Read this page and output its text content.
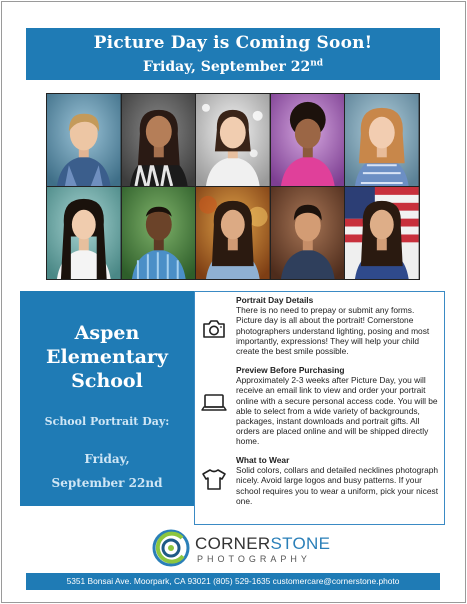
Picture Day is Coming Soon!
Friday, September 22nd
Aspen
Elementary
School
School Portrait Day:
Friday,
September 22nd
Portrait Day Details
There is no need to prepay or submit any forms. Picture day is all about the portrait! Cornerstone photographers understand lighting, posing and most importantly, expressions! They will help your child create the best smile possible.
Preview Before Purchasing
Approximately 2-3 weeks after Picture Day, you will receive an email link to view and order your portrait online with a secure personal access code. You will be able to select from a wide variety of backgrounds, packages, instant downloads and portrait gifts. All orders are placed online and will be shipped directly home.
What to Wear
Solid colors, collars and detailed necklines photograph nicely. Avoid large logos and busy patterns. If your school requires you to wear a uniform, pick your nicest one.
CORNERSTONE
PHOTOGRAPHY
5351 Bonsai Ave. Moorpark, CA 93021 (805) 529-1635 customercare@cornerstone.photo
